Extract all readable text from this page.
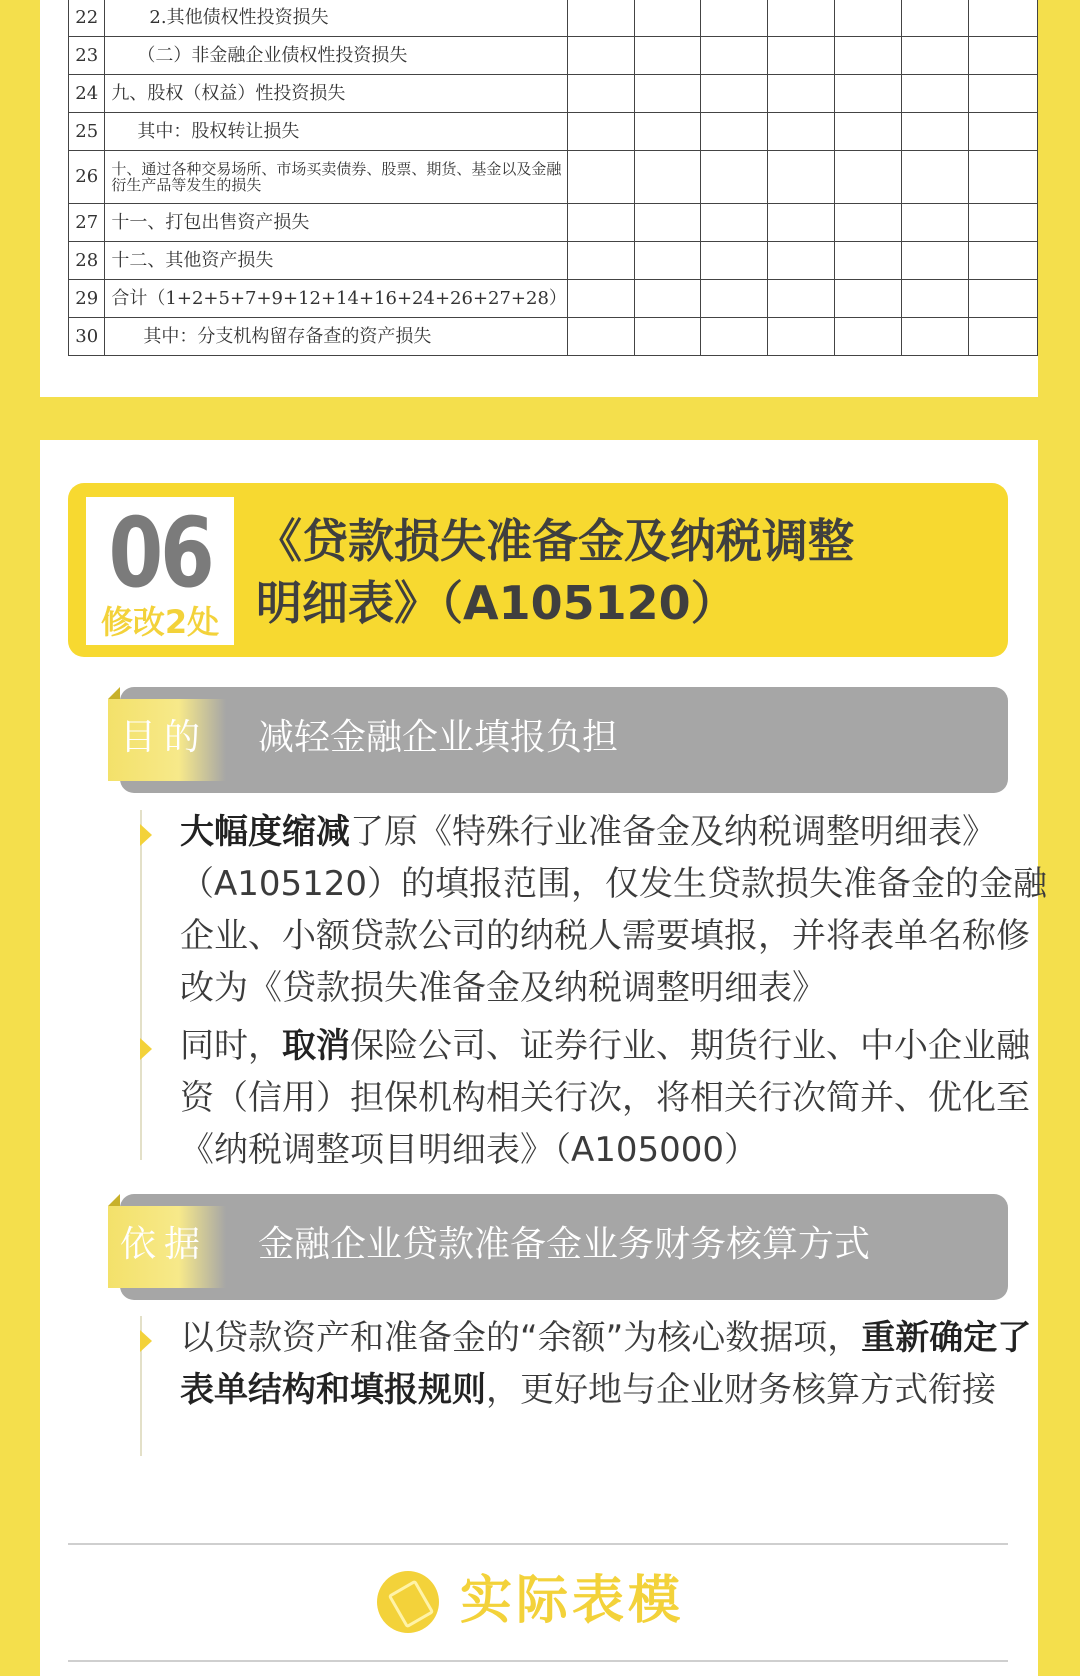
22	2.其他债权性投资损失							
23	（二）非金融企业债权性投资损失							
24	九、股权（权益）性投资损失							
25	其中：股权转让损失							
26	十、通过各种交易场所、市场买卖债券、股票、期货、基金以及金融衍生产品等发生的损失							
27	十一、打包出售资产损失							
28	十二、其他资产损失							
29	合计（1+2+5+7+9+12+14+16+24+26+27+28）							
30	其中：分支机构留存备查的资产损失							
06
修改2处
《贷款损失准备金及纳税调整
明细表》（A105120）
目的	减轻金融企业填报负担
大幅度缩减了原《特殊行业准备金及纳税调整明细表》（A105120）的填报范围，仅发生贷款损失准备金的金融企业、小额贷款公司的纳税人需要填报，并将表单名称修改为《贷款损失准备金及纳税调整明细表》
同时，取消保险公司、证券行业、期货行业、中小企业融资（信用）担保机构相关行次，将相关行次简并、优化至《纳税调整项目明细表》（A105000）
依据	金融企业贷款准备金业务财务核算方式
以贷款资产和准备金的“余额”为核心数据项，重新确定了表单结构和填报规则，更好地与企业财务核算方式衔接
实际表模
